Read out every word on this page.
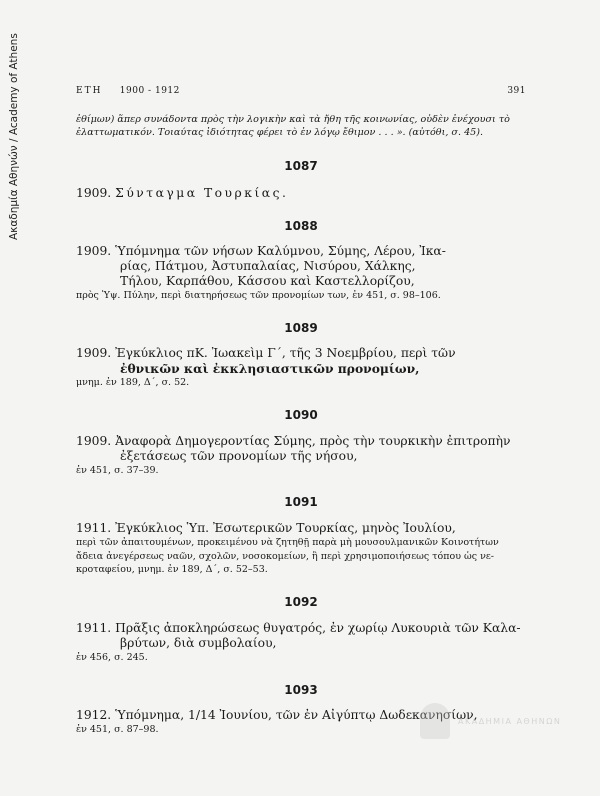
Ακαδημία Αθηνών / Academy of Athens	ΕΤΗ 1900 - 1912	391

ἐθίμων) ἅπερ συνάδοντα πρὸς τὴν λογικὴν καὶ τὰ ἤθη τῆς κοινωνίας, οὐδὲν ἐνέχουσι τὸ
ἐλαττωματικόν. Τοιαύτας ἰδιότητας φέρει τὸ ἐν λόγῳ ἔθιμον . . . ». (αὐτόθι, σ. 45).

1087

1909. Σύνταγμα Τουρκίας.

1088

1909. Ὑπόμνημα τῶν νήσων Καλύμνου, Σύμης, Λέρου, Ἰκα-
ρίας, Πάτμου, Ἀστυπαλαίας, Νισύρου, Χάλκης,
Τήλου, Καρπάθου, Κάσσου καὶ Καστελλορίζου,
πρὸς Ὑψ. Πύλην, περὶ διατηρήσεως τῶν προνομίων των, ἐν 451, σ. 98–106.

1089

1909. Ἐγκύκλιος πΚ. Ἰωακεὶμ Γ΄, τῆς 3 Νοεμβρίου, περὶ τῶν
ἐθνικῶν καὶ ἐκκλησιαστικῶν προνομίων,
μνημ. ἐν 189, Δ΄, σ. 52.

1090

1909. Ἀναφορὰ Δημογεροντίας Σύμης, πρὸς τὴν τουρκικὴν ἐπιτροπὴν
ἐξετάσεως τῶν προνομίων τῆς νήσου,
ἐν 451, σ. 37–39.

1091

1911. Ἐγκύκλιος Ὑπ. Ἐσωτερικῶν Τουρκίας, μηνὸς Ἰουλίου,
περὶ τῶν ἀπαιτουμένων, προκειμένου νὰ ζητηθῇ παρὰ μὴ μουσουλμανικῶν Κοινοτήτων
ἄδεια ἀνεγέρσεως ναῶν, σχολῶν, νοσοκομείων, ἢ περὶ χρησιμοποιήσεως τόπου ὡς νε-
κροταφείου, μνημ. ἐν 189, Δ΄, σ. 52–53.

1092

1911. Πρᾶξις ἀποκληρώσεως θυγατρός, ἐν χωρίῳ Λυκουριὰ τῶν Καλα-
βρύτων, διὰ συμβολαίου,
ἐν 456, σ. 245.

1093

1912. Ὑπόμνημα, 1/14 Ἰουνίου, τῶν ἐν Αἰγύπτῳ Δωδεκανησίων,
ἐν 451, σ. 87–98.
ΑΚΑΔΗΜΙΑ ΑΘΗΝΩΝ
